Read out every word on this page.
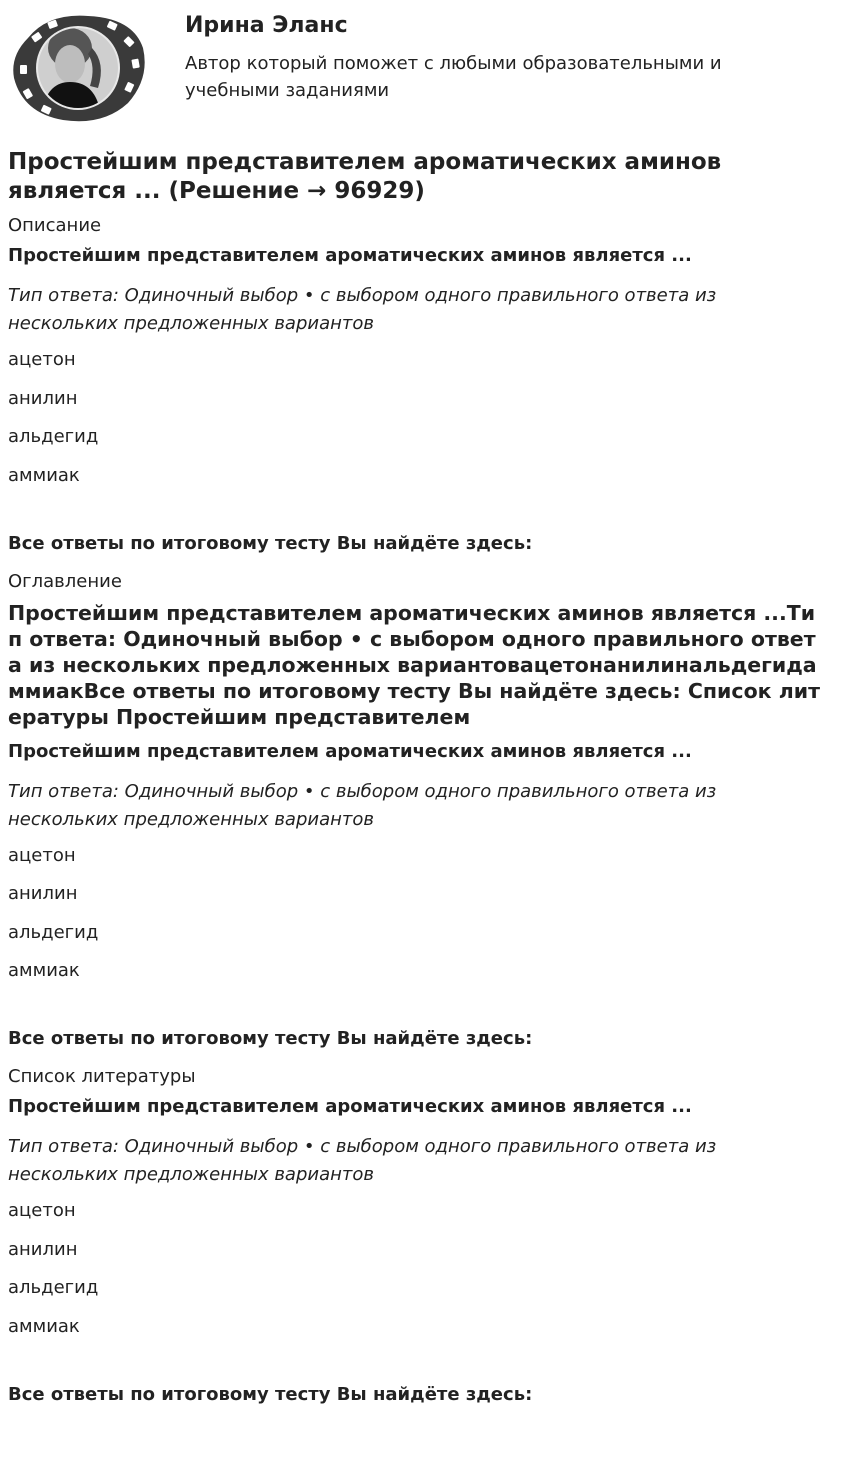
Ирина Эланс
Автор который поможет с любыми образовательными и учебными заданиями
Простейшим представителем ароматических аминов является ... (Решение → 96929)
Описание
Простейшим представителем ароматических аминов является ...
Тип ответа: Одиночный выбор • с выбором одного правильного ответа из нескольких предложенных вариантов
ацетон
анилин
альдегид
аммиак
Все ответы по итоговому тесту Вы найдёте здесь:
Оглавление
Простейшим представителем ароматических аминов является ...Тип ответа: Одиночный выбор • с выбором одного правильного ответа из нескольких предложенных вариантовацетонанилинальдегидаммиакВсе ответы по итоговому тесту Вы найдёте здесь: Список литературы Простейшим представителем
Простейшим представителем ароматических аминов является ...
Тип ответа: Одиночный выбор • с выбором одного правильного ответа из нескольких предложенных вариантов
ацетон
анилин
альдегид
аммиак
Все ответы по итоговому тесту Вы найдёте здесь:
Список литературы
Простейшим представителем ароматических аминов является ...
Тип ответа: Одиночный выбор • с выбором одного правильного ответа из нескольких предложенных вариантов
ацетон
анилин
альдегид
аммиак
Все ответы по итоговому тесту Вы найдёте здесь:
